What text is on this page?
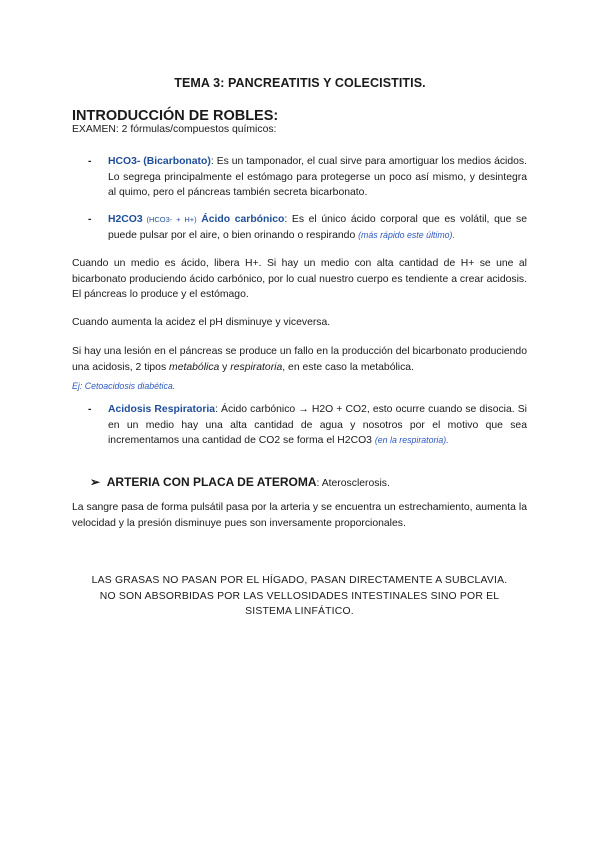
TEMA 3: PANCREATITIS Y COLECISTITIS.
INTRODUCCIÓN DE ROBLES:
EXAMEN: 2 fórmulas/compuestos químicos:
- HCO3- (Bicarbonato): Es un tamponador, el cual sirve para amortiguar los medios ácidos. Lo segrega principalmente el estómago para protegerse un poco así mismo, y desintegra al quimo, pero el páncreas también secreta bicarbonato.
- H2CO3 (HCO3- + H+) Ácido carbónico: Es el único ácido corporal que es volátil, que se puede pulsar por el aire, o bien orinando o respirando (más rápido este último).
Cuando un medio es ácido, libera H+. Si hay un medio con alta cantidad de H+ se une al bicarbonato produciendo ácido carbónico, por lo cual nuestro cuerpo es tendiente a crear acidosis. El páncreas lo produce y el estómago.
Cuando aumenta la acidez el pH disminuye y viceversa.
Si hay una lesión en el páncreas se produce un fallo en la producción del bicarbonato produciendo una acidosis, 2 tipos metabólica y respiratoria, en este caso la metabólica.
Ej: Cetoacidosis diabética.
- Acidosis Respiratoria: Ácido carbónico → H2O + CO2, esto ocurre cuando se disocia. Si en un medio hay una alta cantidad de agua y nosotros por el motivo que sea incrementamos una cantidad de CO2 se forma el H2CO3 (en la respiratoria).
➢ ARTERIA CON PLACA DE ATEROMA: Aterosclerosis.
La sangre pasa de forma pulsátil pasa por la arteria y se encuentra un estrechamiento, aumenta la velocidad y la presión disminuye pues son inversamente proporcionales.
LAS GRASAS NO PASAN POR EL HÍGADO, PASAN DIRECTAMENTE A SUBCLAVIA.
NO SON ABSORBIDAS POR LAS VELLOSIDADES INTESTINALES SINO POR EL
SISTEMA LINFÁTICO.
